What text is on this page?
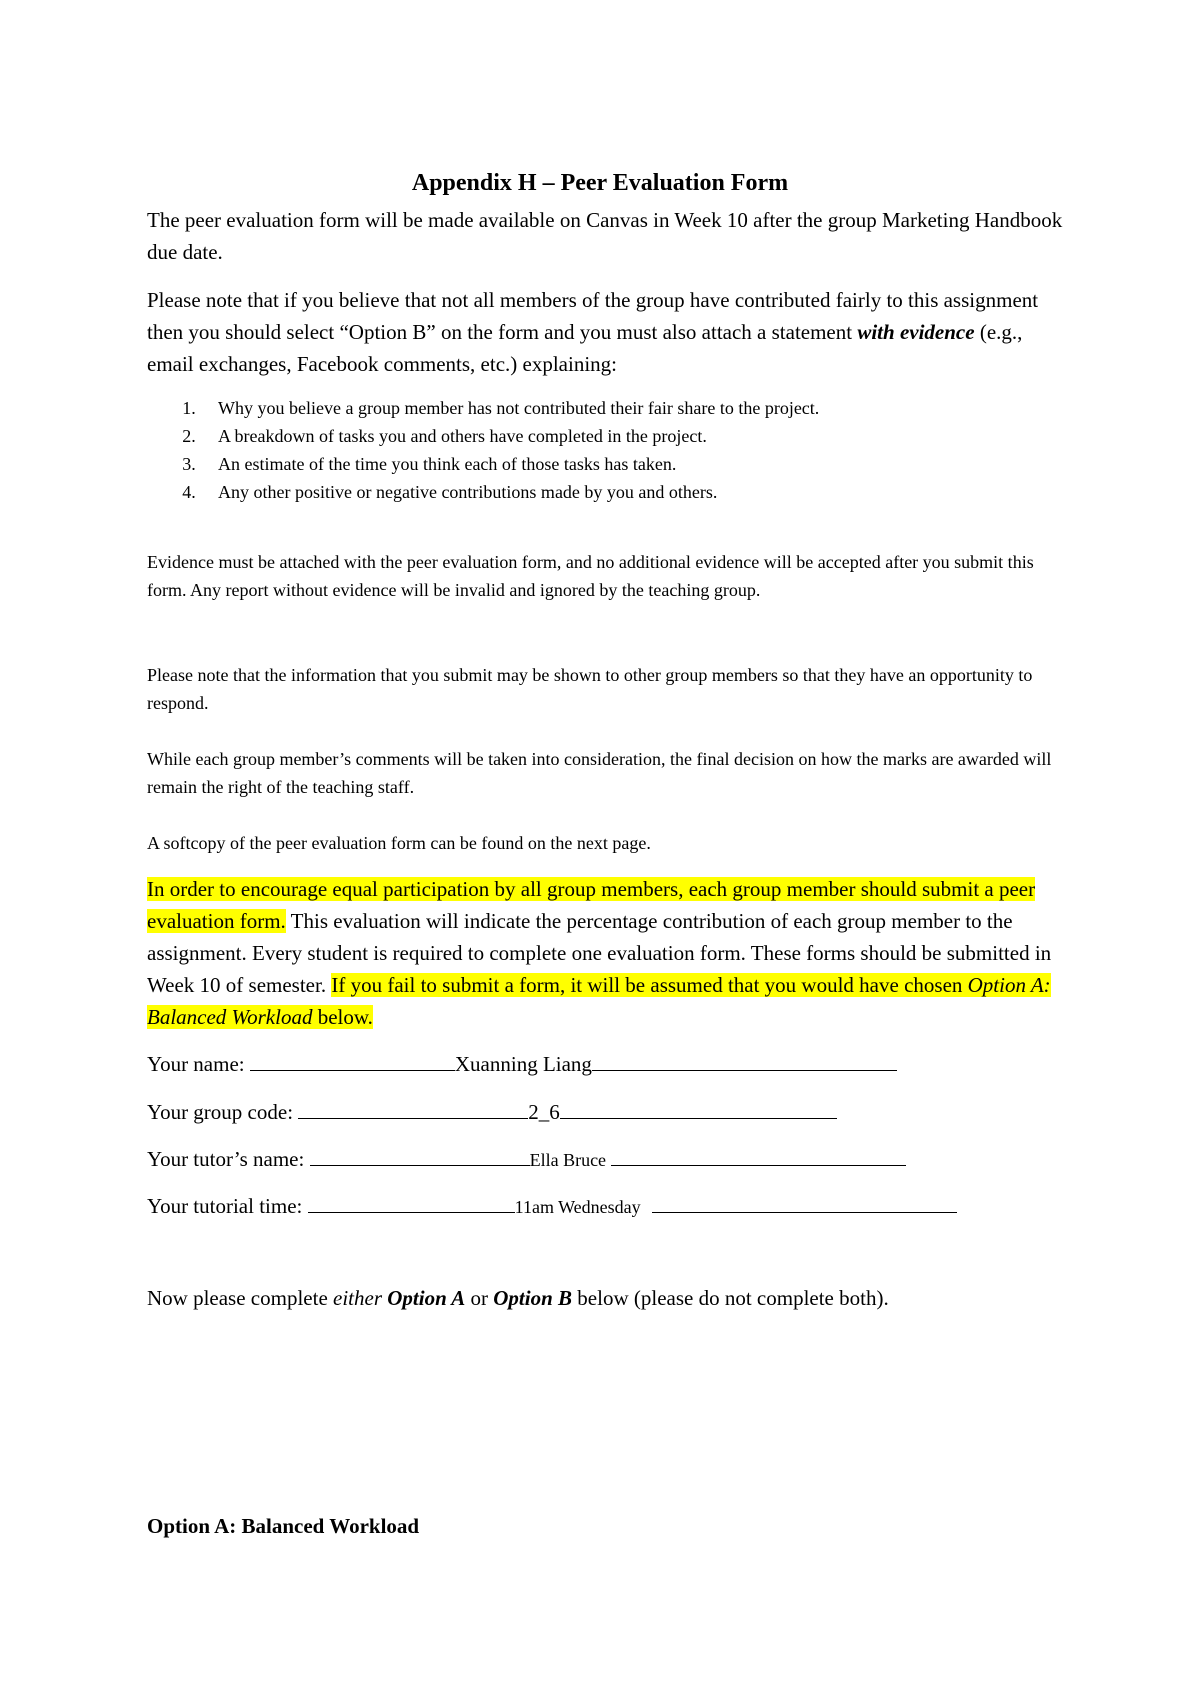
Appendix H – Peer Evaluation Form
The peer evaluation form will be made available on Canvas in Week 10 after the group Marketing Handbook due date.
Please note that if you believe that not all members of the group have contributed fairly to this assignment then you should select “Option B” on the form and you must also attach a statement with evidence (e.g., email exchanges, Facebook comments, etc.) explaining:
1.	Why you believe a group member has not contributed their fair share to the project.
2.	A breakdown of tasks you and others have completed in the project.
3.	An estimate of the time you think each of those tasks has taken.
4.	Any other positive or negative contributions made by you and others.
Evidence must be attached with the peer evaluation form, and no additional evidence will be accepted after you submit this form. Any report without evidence will be invalid and ignored by the teaching group.
Please note that the information that you submit may be shown to other group members so that they have an opportunity to respond.
While each group member’s comments will be taken into consideration, the final decision on how the marks are awarded will remain the right of the teaching staff.
A softcopy of the peer evaluation form can be found on the next page.
In order to encourage equal participation by all group members, each group member should submit a peer evaluation form. This evaluation will indicate the percentage contribution of each group member to the assignment. Every student is required to complete one evaluation form. These forms should be submitted in Week 10 of semester. If you fail to submit a form, it will be assumed that you would have chosen Option A: Balanced Workload below.
Your name:	Xuanning Liang
Your group code:	2_6
Your tutor’s name:	Ella Bruce
Your tutorial time:	11am Wednesday
Now please complete either Option A or Option B below (please do not complete both).
Option A: Balanced Workload
